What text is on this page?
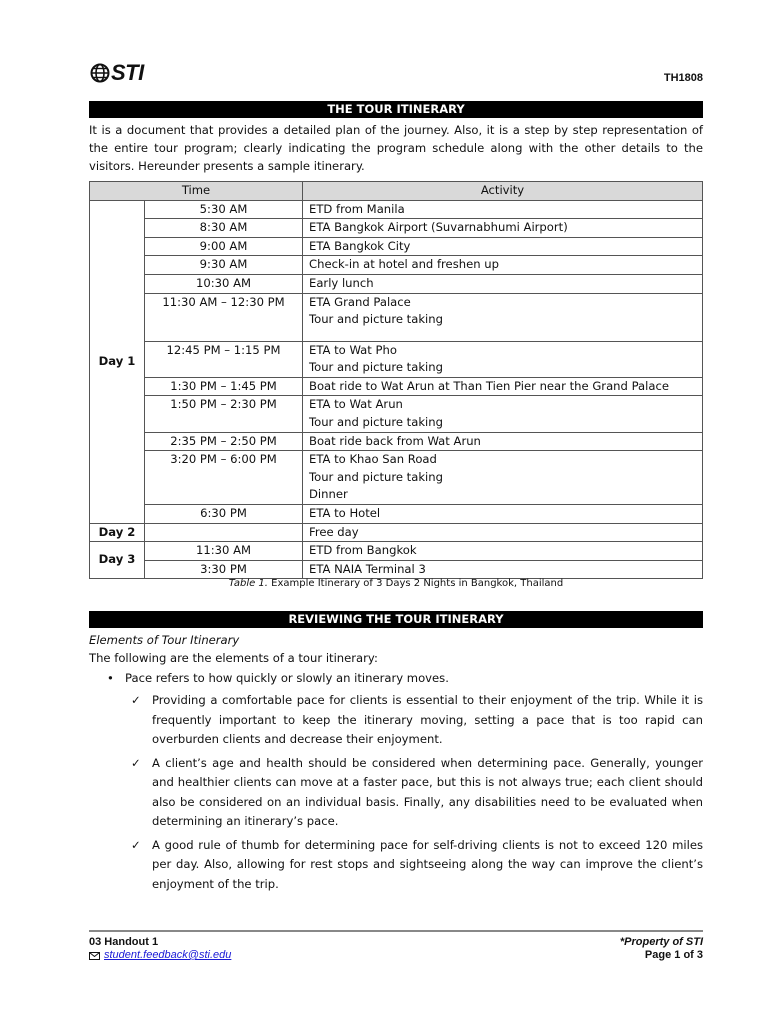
STI	TH1808
THE TOUR ITINERARY
It is a document that provides a detailed plan of the journey. Also, it is a step by step representation of the entire tour program; clearly indicating the program schedule along with the other details to the visitors. Hereunder presents a sample itinerary.
Time		Activity
Day 1	5:30 AM	ETD from Manila
	8:30 AM	ETA Bangkok Airport (Suvarnabhumi Airport)
	9:00 AM	ETA Bangkok City
	9:30 AM	Check-in at hotel and freshen up
	10:30 AM	Early lunch
	11:30 AM – 12:30 PM	ETA Grand Palace
Tour and picture taking

	12:45 PM – 1:15 PM	ETA to Wat Pho
Tour and picture taking

	1:30 PM – 1:45 PM	Boat ride to Wat Arun at Than Tien Pier near the Grand Palace
	1:50 PM – 2:30 PM	ETA to Wat Arun
Tour and picture taking

	2:35 PM – 2:50 PM	Boat ride back from Wat Arun
	3:20 PM – 6:00 PM	ETA to Khao San Road
Tour and picture taking
Dinner

	6:30 PM	ETA to Hotel
Day 2		Free day
Day 3	11:30 AM	ETD from Bangkok
	3:30 PM	ETA NAIA Terminal 3
Table 1. Example Itinerary of 3 Days 2 Nights in Bangkok, Thailand
REVIEWING THE TOUR ITINERARY
Elements of Tour Itinerary
The following are the elements of a tour itinerary:
• Pace refers to how quickly or slowly an itinerary moves.
✓ Providing a comfortable pace for clients is essential to their enjoyment of the trip. While it is frequently important to keep the itinerary moving, setting a pace that is too rapid can overburden clients and decrease their enjoyment.
✓ A client’s age and health should be considered when determining pace. Generally, younger and healthier clients can move at a faster pace, but this is not always true; each client should also be considered on an individual basis. Finally, any disabilities need to be evaluated when determining an itinerary’s pace.
✓ A good rule of thumb for determining pace for self-driving clients is not to exceed 120 miles per day. Also, allowing for rest stops and sightseeing along the way can improve the client’s enjoyment of the trip.
03 Handout 1
student.feedback@sti.edu
*Property of STI
Page 1 of 3
